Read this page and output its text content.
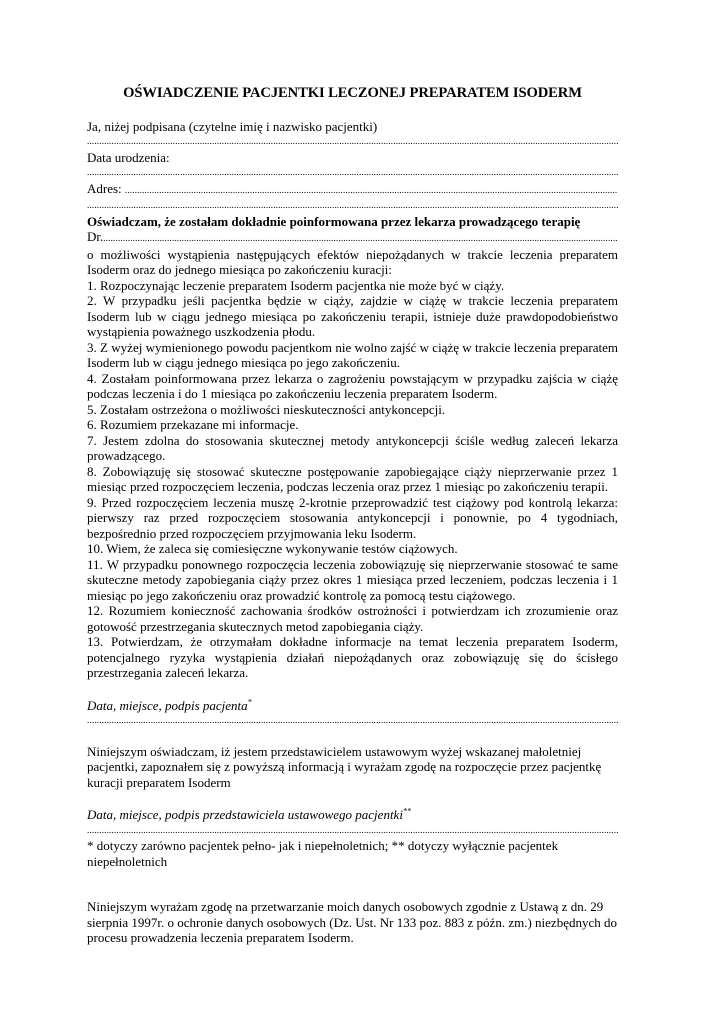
OŚWIADCZENIE PACJENTKI LECZONEJ PREPARATEM ISODERM

Ja, niżej podpisana (czytelne imię i nazwisko pacjentki)

.....
Data urodzenia:
.....
Adres:

.....
.....

Oświadczam, że zostałam dokładnie poinformowana przez lekarza prowadzącego terapię

Dr.
.....

o możliwości wystąpienia następujących efektów niepożądanych w trakcie leczenia preparatem Isoderm oraz do jednego miesiąca po zakończeniu kuracji:

1. Rozpoczynając leczenie preparatem Isoderm pacjentka nie może być w ciąży.

2. W przypadku jeśli pacjentka będzie w ciąży, zajdzie w ciążę w trakcie leczenia preparatem Isoderm lub w ciągu jednego miesiąca po zakończeniu terapii, istnieje duże prawdopodobieństwo wystąpienia poważnego uszkodzenia płodu.

3. Z wyżej wymienionego powodu pacjentkom nie wolno zajść w ciążę w trakcie leczenia preparatem Isoderm lub w ciągu jednego miesiąca po jego zakończeniu.

4. Zostałam poinformowana przez lekarza o zagrożeniu powstającym w przypadku zajścia w ciążę podczas leczenia i do 1 miesiąca po zakończeniu leczenia preparatem Isoderm.

5. Zostałam ostrzeżona o możliwości nieskuteczności antykoncepcji.

6. Rozumiem przekazane mi informacje.

7. Jestem zdolna do stosowania skutecznej metody antykoncepcji ściśle według zaleceń lekarza prowadzącego.

8. Zobowiązuję się stosować skuteczne postępowanie zapobiegające ciąży nieprzerwanie przez 1 miesiąc przed rozpoczęciem leczenia, podczas leczenia oraz przez 1 miesiąc po zakończeniu terapii.

9. Przed rozpoczęciem leczenia muszę 2-krotnie przeprowadzić test ciążowy pod kontrolą lekarza: pierwszy raz przed rozpoczęciem stosowania antykoncepcji i ponownie, po 4 tygodniach, bezpośrednio przed rozpoczęciem przyjmowania leku Isoderm.

10. Wiem, że zaleca się comiesięczne wykonywanie testów ciążowych.

11. W przypadku ponownego rozpoczęcia leczenia zobowiązuję się nieprzerwanie stosować te same skuteczne metody zapobiegania ciąży przez okres 1 miesiąca przed leczeniem, podczas leczenia i 1 miesiąc po jego zakończeniu oraz prowadzić kontrolę za pomocą testu ciążowego.

12. Rozumiem konieczność zachowania środków ostrożności i potwierdzam ich zrozumienie oraz gotowość przestrzegania skutecznych metod zapobiegania ciąży.

13. Potwierdzam, że otrzymałam dokładne informacje na temat leczenia preparatem Isoderm, potencjalnego ryzyka wystąpienia działań niepożądanych oraz zobowiązuję się do ścisłego przestrzegania zaleceń lekarza.

Data, miejsce, podpis pacjenta*

.....

Niniejszym oświadczam, iż jestem przedstawicielem ustawowym wyżej wskazanej małoletniej pacjentki, zapoznałem się z powyższą informacją i wyrażam zgodę na rozpoczęcie przez pacjentkę kuracji preparatem Isoderm

Data, miejsce, podpis przedstawiciela ustawowego pacjentki**

.....

* dotyczy zarówno pacjentek pełno- jak i niepełnoletnich; ** dotyczy wyłącznie pacjentek niepełnoletnich

Niniejszym wyrażam zgodę na przetwarzanie moich danych osobowych zgodnie z Ustawą z dn. 29 sierpnia 1997r. o ochronie danych osobowych (Dz. Ust. Nr 133 poz. 883 z późn. zm.) niezbędnych do procesu prowadzenia leczenia preparatem Isoderm.
